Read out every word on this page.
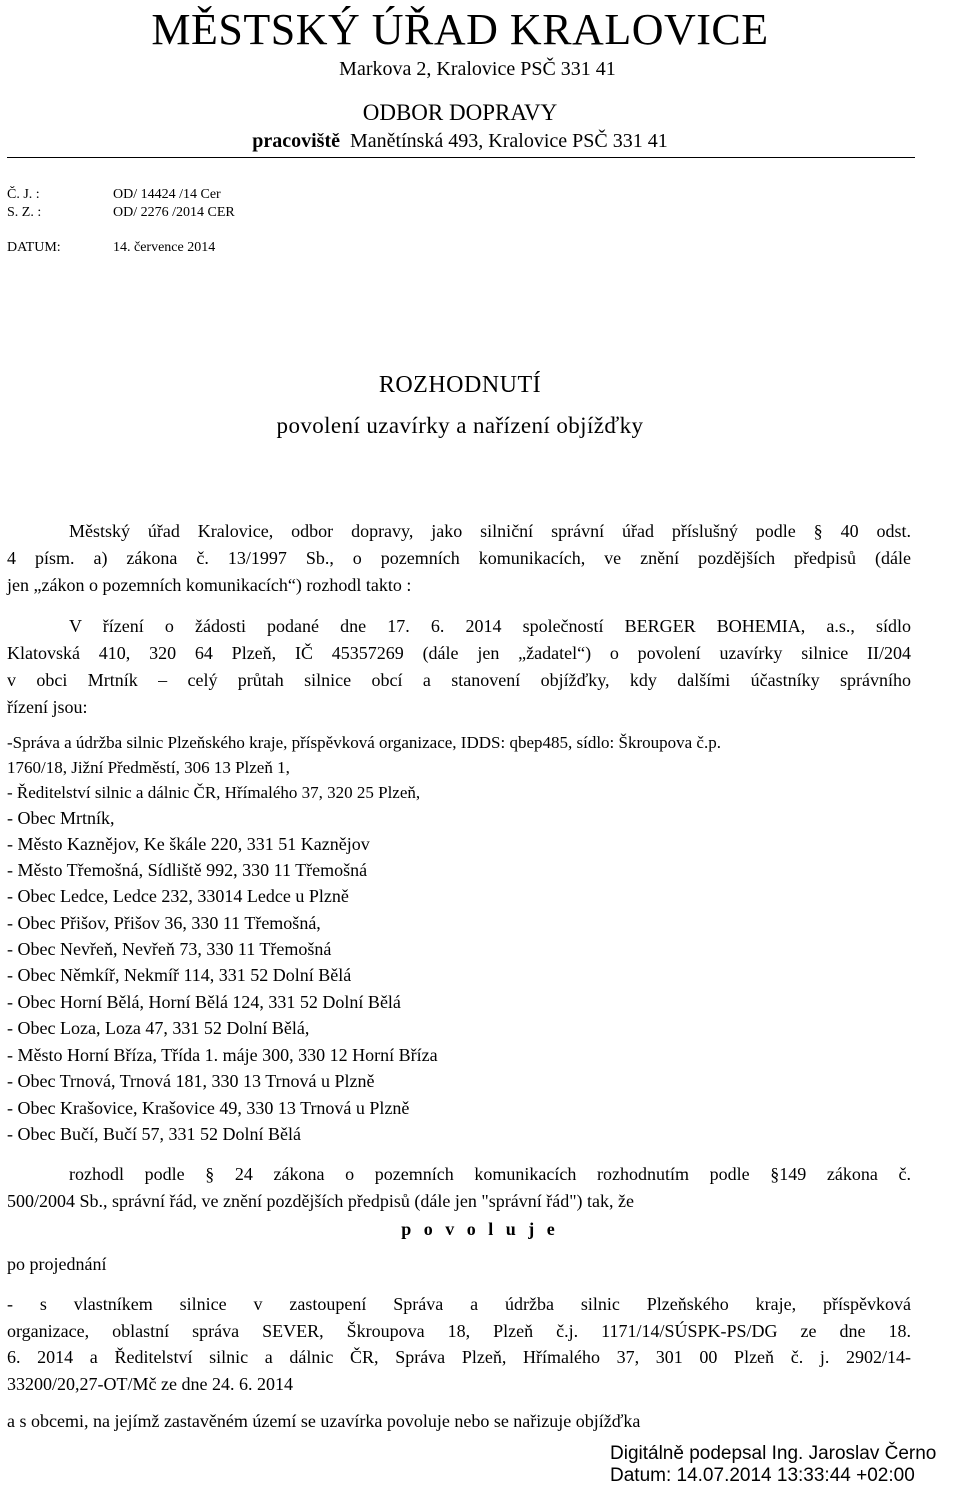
MĚSTSKÝ ÚŘAD KRALOVICE
Markova 2, Kralovice PSČ 331 41
ODBOR DOPRAVY
pracoviště Manětínská 493, Kralovice PSČ 331 41
Č. J. :	OD/ 14424 /14 Cer
S. Z. :	OD/ 2276 /2014 CER
DATUM:	14. července 2014
ROZHODNUTÍ
povolení uzavírky a nařízení objížďky
Městský úřad Kralovice, odbor dopravy, jako silniční správní úřad příslušný podle § 40 odst.
4 písm. a) zákona č. 13/1997 Sb., o pozemních komunikacích, ve znění pozdějších předpisů (dále
jen „zákon o pozemních komunikacích“) rozhodl takto :
V řízení o žádosti podané dne 17. 6. 2014 společností BERGER BOHEMIA, a.s., sídlo
Klatovská 410, 320 64 Plzeň, IČ 45357269 (dále jen „žadatel“) o povolení uzavírky silnice II/204
v obci Mrtník – celý průtah silnice obcí a stanovení objížďky, kdy dalšími účastníky správního
řízení jsou:
-Správa a údržba silnic Plzeňského kraje, příspěvková organizace, IDDS: qbep485, sídlo: Škroupova č.p.
1760/18, Jižní Předměstí, 306 13 Plzeň 1,
- Ředitelství silnic a dálnic ČR, Hřímalého 37, 320 25 Plzeň,
- Obec Mrtník,
- Město Kaznějov, Ke škále 220, 331 51 Kaznějov
- Město Třemošná, Sídliště 992, 330 11 Třemošná
- Obec Ledce, Ledce 232, 33014 Ledce u Plzně
- Obec Přišov, Přišov 36, 330 11 Třemošná,
- Obec Nevřeň, Nevřeň 73, 330 11 Třemošná
- Obec Němkíř, Nekmíř 114, 331 52 Dolní Bělá
- Obec Horní Bělá, Horní Bělá 124, 331 52 Dolní Bělá
- Obec Loza, Loza 47, 331 52 Dolní Bělá,
- Město Horní Bříza, Třída 1. máje 300, 330 12 Horní Bříza
- Obec Trnová, Trnová 181, 330 13 Trnová u Plzně
- Obec Krašovice, Krašovice 49, 330 13 Trnová u Plzně
- Obec Bučí, Bučí 57, 331 52 Dolní Bělá
rozhodl podle § 24 zákona o pozemních komunikacích rozhodnutím podle §149 zákona č.
500/2004 Sb., správní řád, ve znění pozdějších předpisů (dále jen "správní řád") tak, že
p o v o l u j e
po projednání
- s vlastníkem silnice v zastoupení Správa a údržba silnic Plzeňského kraje, příspěvková
organizace, oblastní správa SEVER, Škroupova 18, Plzeň č.j. 1171/14/SÚSPK-PS/DG ze dne 18.
6. 2014 a Ředitelství silnic a dálnic ČR, Správa Plzeň, Hřímalého 37, 301 00 Plzeň č. j. 2902/14-
33200/20,27-OT/Mč ze dne 24. 6. 2014
a s obcemi, na jejímž zastavěném území se uzavírka povoluje nebo se nařizuje objížďka
Digitálně podepsal Ing. Jaroslav Černo
Datum: 14.07.2014 13:33:44 +02:00
